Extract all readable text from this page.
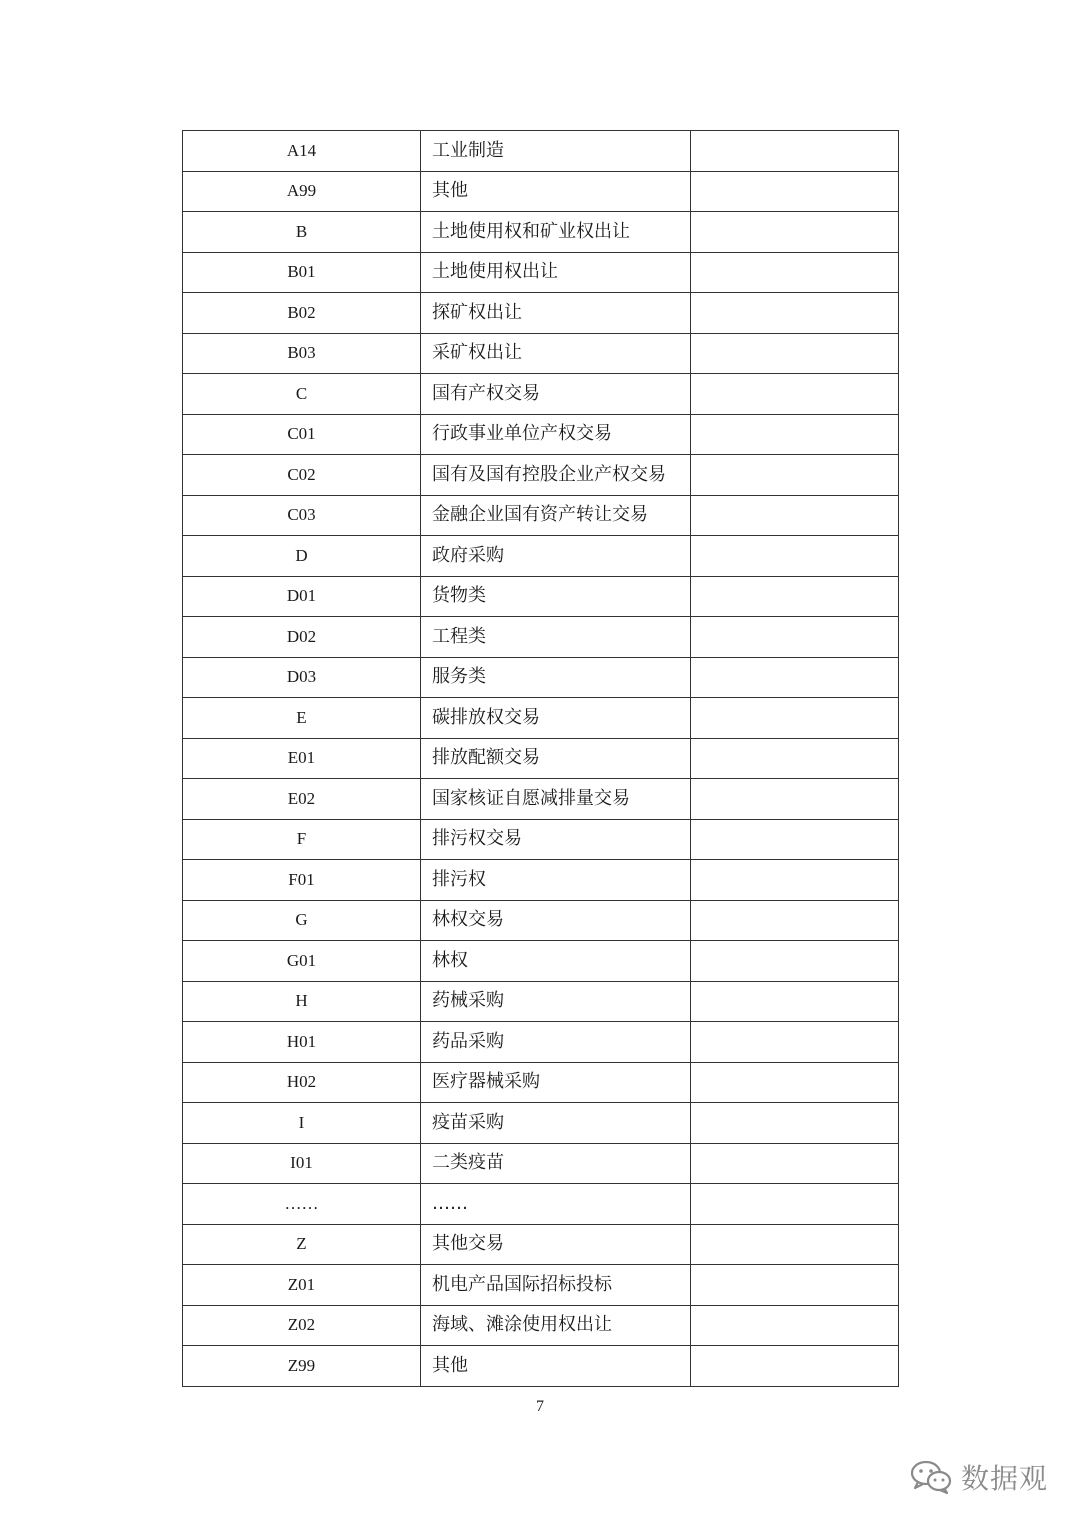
A14	工业制造	
A99	其他	
B	土地使用权和矿业权出让	
B01	土地使用权出让	
B02	探矿权出让	
B03	采矿权出让	
C	国有产权交易	
C01	行政事业单位产权交易	
C02	国有及国有控股企业产权交易	
C03	金融企业国有资产转让交易	
D	政府采购	
D01	货物类	
D02	工程类	
D03	服务类	
E	碳排放权交易	
E01	排放配额交易	
E02	国家核证自愿减排量交易	
F	排污权交易	
F01	排污权	
G	林权交易	
G01	林权	
H	药械采购	
H01	药品采购	
H02	医疗器械采购	
I	疫苗采购	
I01	二类疫苗	
……	……	
Z	其他交易	
Z01	机电产品国际招标投标	
Z02	海域、滩涂使用权出让	
Z99	其他	
7
数据观
